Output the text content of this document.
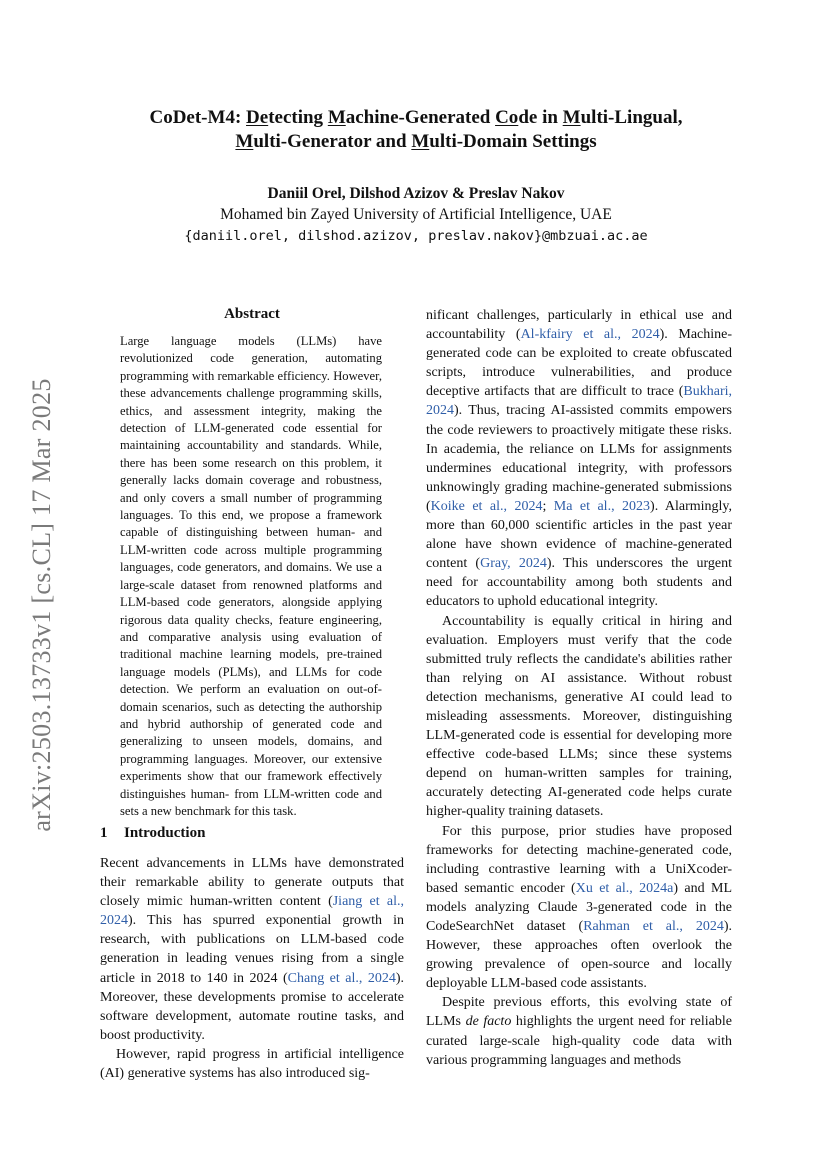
arXiv:2503.13733v1 [cs.CL] 17 Mar 2025
CoDet-M4: Detecting Machine-Generated Code in Multi-Lingual,
Multi-Generator and Multi-Domain Settings
Daniil Orel, Dilshod Azizov & Preslav Nakov
Mohamed bin Zayed University of Artificial Intelligence, UAE
{daniil.orel, dilshod.azizov, preslav.nakov}@mbzuai.ac.ae
Abstract

Large language models (LLMs) have revolutionized code generation, automating programming with remarkable efficiency. However, these advancements challenge programming skills, ethics, and assessment integrity, making the detection of LLM-generated code essential for maintaining accountability and standards. While, there has been some research on this problem, it generally lacks domain coverage and robustness, and only covers a small number of programming languages. To this end, we propose a framework capable of distinguishing between human- and LLM-written code across multiple programming languages, code generators, and domains. We use a large-scale dataset from renowned platforms and LLM-based code generators, alongside applying rigorous data quality checks, feature engineering, and comparative analysis using evaluation of traditional machine learning models, pre-trained language models (PLMs), and LLMs for code detection. We perform an evaluation on out-of-domain scenarios, such as detecting the authorship and hybrid authorship of generated code and generalizing to unseen models, domains, and programming languages. Moreover, our extensive experiments show that our framework effectively distinguishes human- from LLM-written code and sets a new benchmark for this task.

1 Introduction

Recent advancements in LLMs have demonstrated their remarkable ability to generate outputs that closely mimic human-written content (Jiang et al., 2024). This has spurred exponential growth in research, with publications on LLM-based code generation in leading venues rising from a single article in 2018 to 140 in 2024 (Chang et al., 2024). Moreover, these developments promise to accelerate software development, automate routine tasks, and boost productivity.

However, rapid progress in artificial intelligence (AI) generative systems has also introduced sig-

nificant challenges, particularly in ethical use and accountability (Al-kfairy et al., 2024). Machine-generated code can be exploited to create obfuscated scripts, introduce vulnerabilities, and produce deceptive artifacts that are difficult to trace (Bukhari, 2024). Thus, tracing AI-assisted commits empowers the code reviewers to proactively mitigate these risks. In academia, the reliance on LLMs for assignments undermines educational integrity, with professors unknowingly grading machine-generated submissions (Koike et al., 2024; Ma et al., 2023). Alarmingly, more than 60,000 scientific articles in the past year alone have shown evidence of machine-generated content (Gray, 2024). This underscores the urgent need for accountability among both students and educators to uphold educational integrity.

Accountability is equally critical in hiring and evaluation. Employers must verify that the code submitted truly reflects the candidate's abilities rather than relying on AI assistance. Without robust detection mechanisms, generative AI could lead to misleading assessments. Moreover, distinguishing LLM-generated code is essential for developing more effective code-based LLMs; since these systems depend on human-written samples for training, accurately detecting AI-generated code helps curate higher-quality training datasets.

For this purpose, prior studies have proposed frameworks for detecting machine-generated code, including contrastive learning with a UniXcoder-based semantic encoder (Xu et al., 2024a) and ML models analyzing Claude 3-generated code in the CodeSearchNet dataset (Rahman et al., 2024). However, these approaches often overlook the growing prevalence of open-source and locally deployable LLM-based code assistants.

Despite previous efforts, this evolving state of LLMs de facto highlights the urgent need for reliable curated large-scale high-quality code data with various programming languages and methods
